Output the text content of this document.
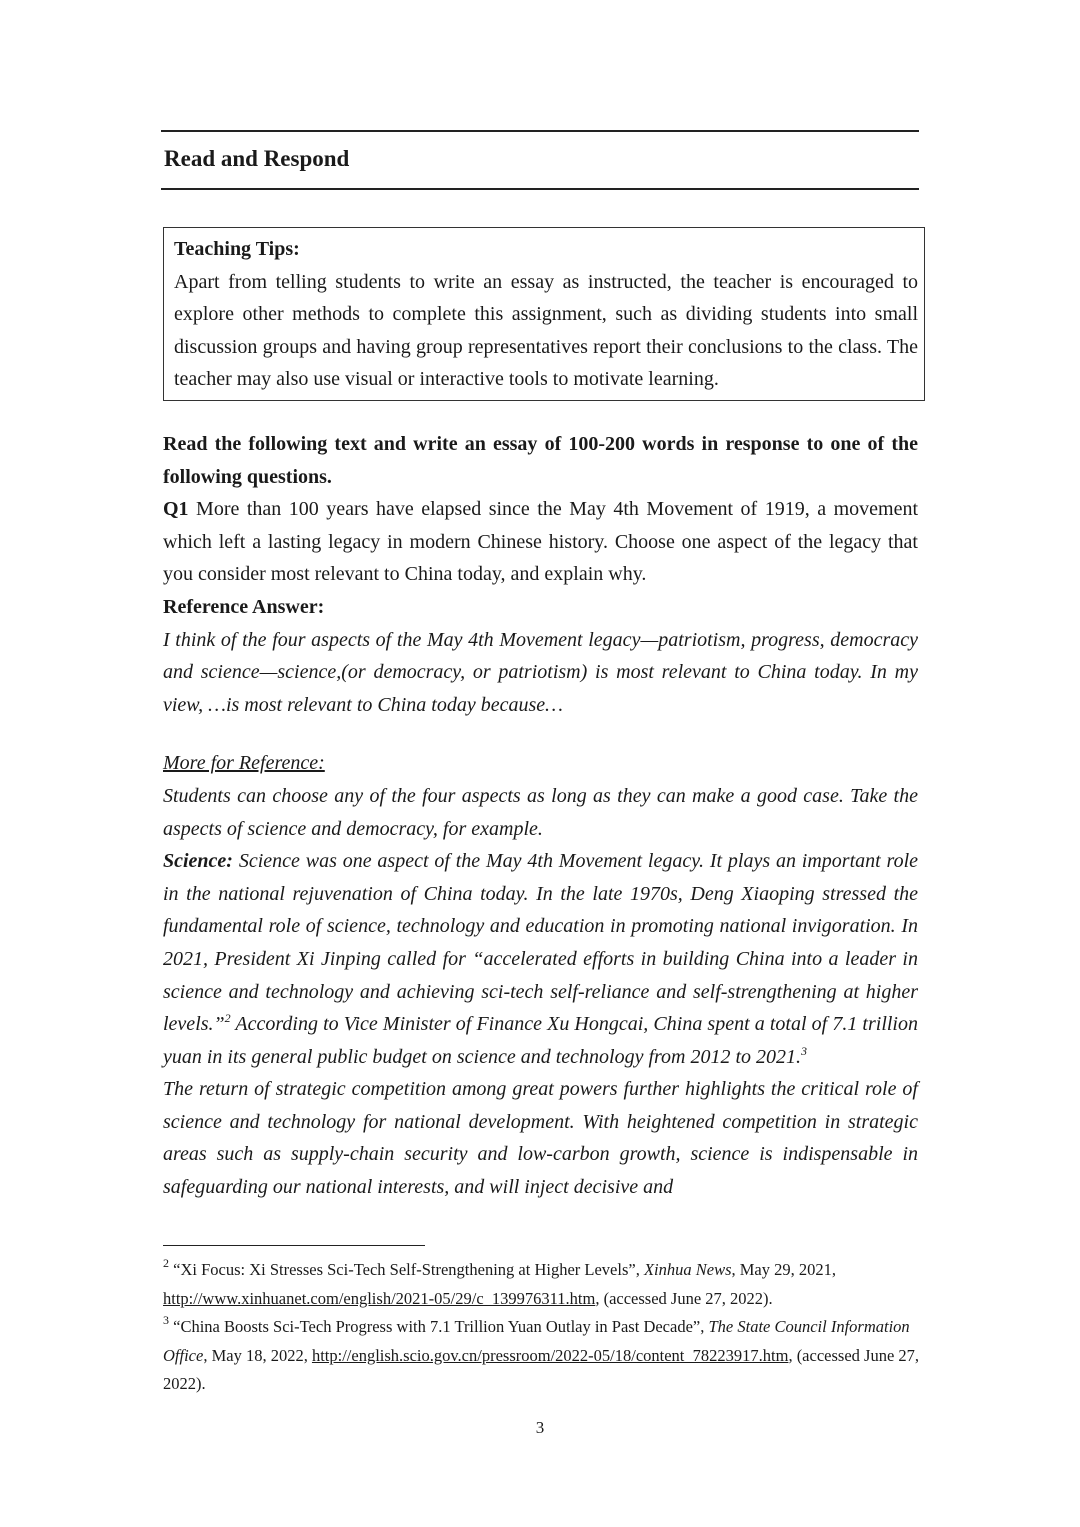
Read and Respond
Teaching Tips:
Apart from telling students to write an essay as instructed, the teacher is encouraged to explore other methods to complete this assignment, such as dividing students into small discussion groups and having group representatives report their conclusions to the class. The teacher may also use visual or interactive tools to motivate learning.

Read the following text and write an essay of 100-200 words in response to one of the following questions.

Q1 More than 100 years have elapsed since the May 4th Movement of 1919, a movement which left a lasting legacy in modern Chinese history. Choose one aspect of the legacy that you consider most relevant to China today, and explain why.

Reference Answer:

I think of the four aspects of the May 4th Movement legacy—patriotism, progress, democracy and science—science,(or democracy, or patriotism) is most relevant to China today. In my view, …is most relevant to China today because…

More for Reference:

Students can choose any of the four aspects as long as they can make a good case. Take the aspects of science and democracy, for example.

Science: Science was one aspect of the May 4th Movement legacy. It plays an important role in the national rejuvenation of China today. In the late 1970s, Deng Xiaoping stressed the fundamental role of science, technology and education in promoting national invigoration. In 2021, President Xi Jinping called for “accelerated efforts in building China into a leader in science and technology and achieving sci-tech self-reliance and self-strengthening at higher levels.”$^2$ According to Vice Minister of Finance Xu Hongcai, China spent a total of 7.1 trillion yuan in its general public budget on science and technology from 2012 to 2021.$^3$

The return of strategic competition among great powers further highlights the critical role of science and technology for national development. With heightened competition in strategic areas such as supply-chain security and low-carbon growth, science is indispensable in safeguarding our national interests, and will inject decisive and

$^2$ “Xi Focus: Xi Stresses Sci-Tech Self-Strengthening at Higher Levels”, Xinhua News, May 29, 2021, http://www.xinhuanet.com/english/2021-05/29/c_139976311.htm, (accessed June 27, 2022).

$^3$ “China Boosts Sci-Tech Progress with 7.1 Trillion Yuan Outlay in Past Decade”, The State Council Information Office, May 18, 2022, http://english.scio.gov.cn/pressroom/2022-05/18/content_78223917.htm, (accessed June 27, 2022).

3
